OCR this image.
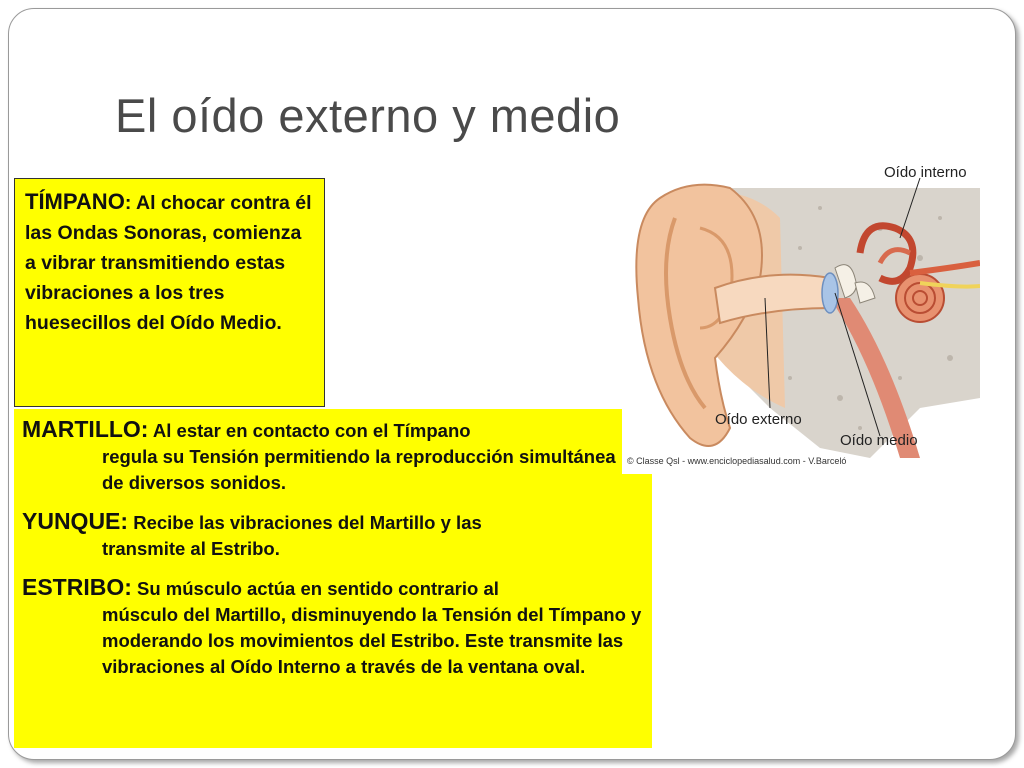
El oído externo y medio
TÍMPANO: Al chocar contra él las Ondas Sonoras, comienza a vibrar transmitiendo estas vibraciones a los tres huesecillos del Oído Medio.
MARTILLO: Al estar en contacto con el Tímpano
regula su Tensión permitiendo la reproducción simultánea de diversos sonidos.
YUNQUE: Recibe las vibraciones del Martillo y las
transmite al Estribo.
ESTRIBO: Su músculo actúa en sentido contrario al
músculo del Martillo, disminuyendo la Tensión del Tímpano y moderando los movimientos del Estribo. Este transmite las vibraciones al Oído Interno a través de la ventana oval.
Oído interno
Oído externo
Oído medio
© Classe Qsl - www.enciclopediasalud.com - V.Barceló
